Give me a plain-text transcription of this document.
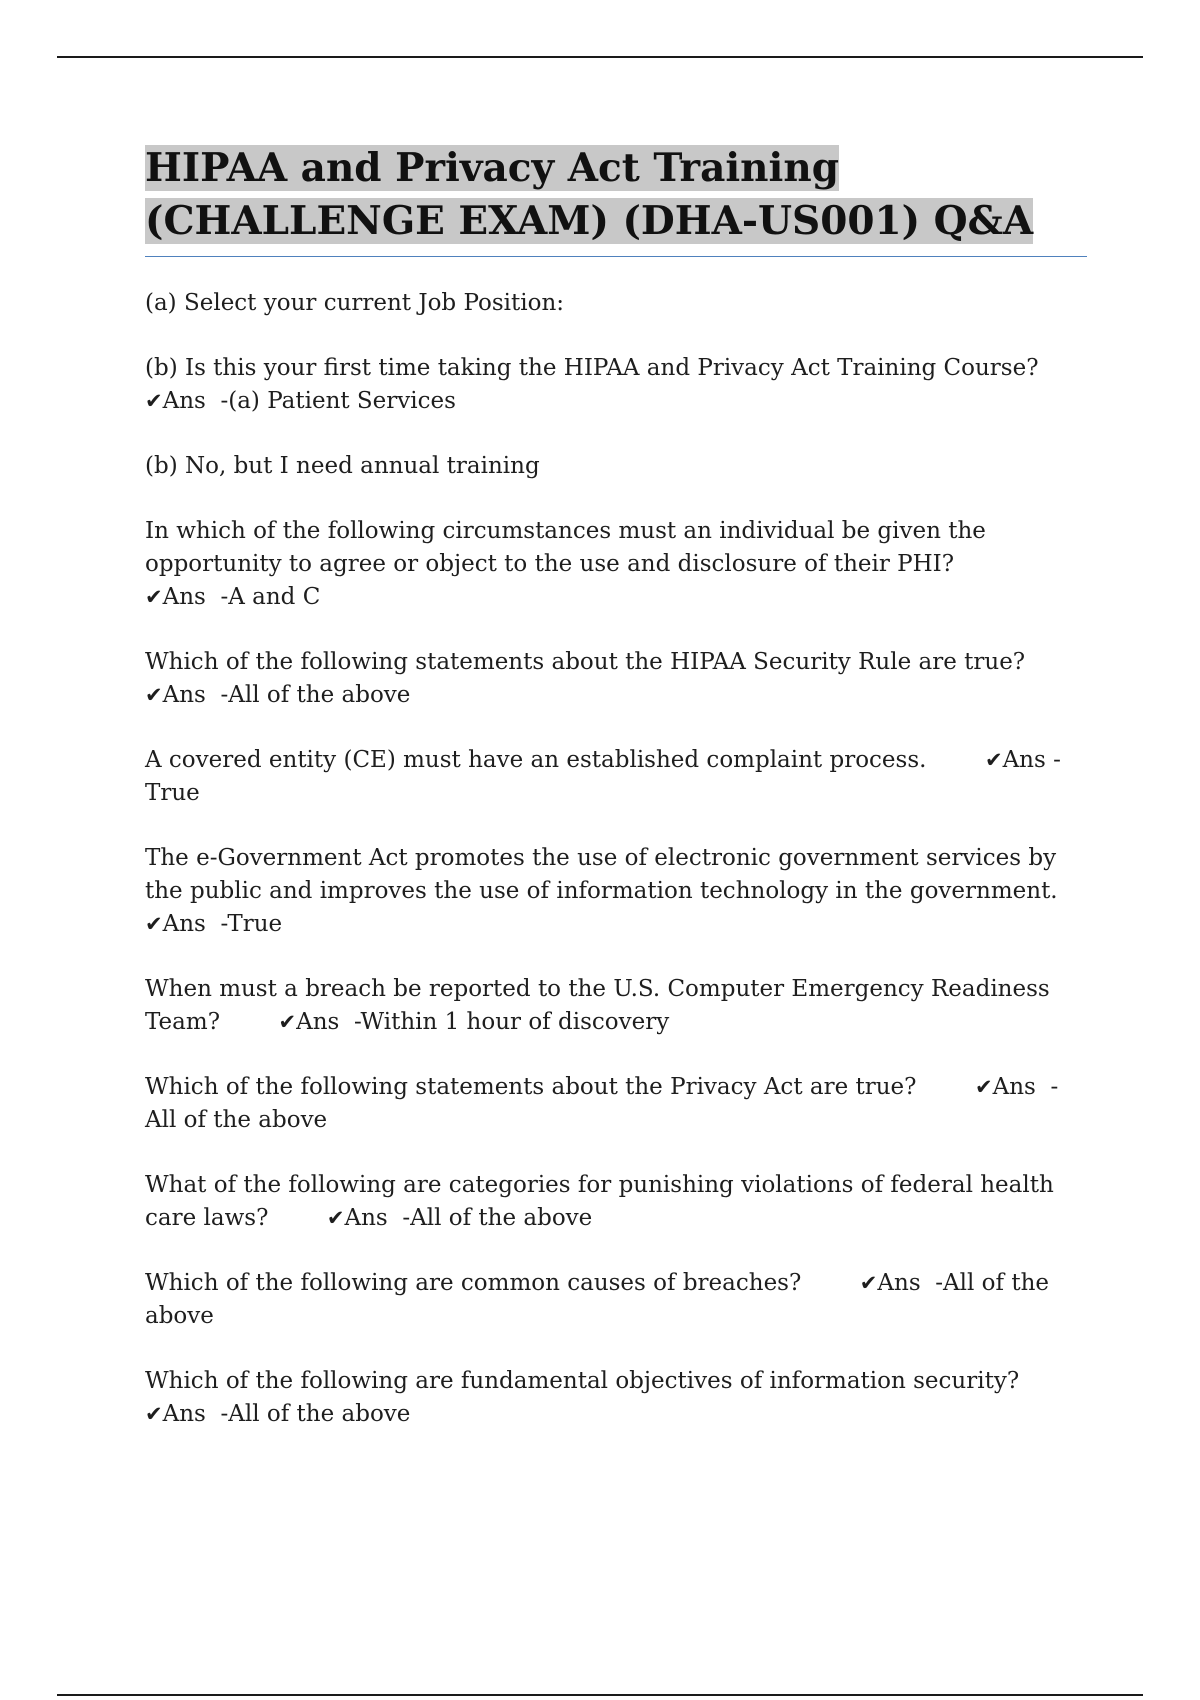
HIPAA and Privacy Act Training (CHALLENGE EXAM) (DHA-US001) Q&A

(a) Select your current Job Position:

(b) Is this your first time taking the HIPAA and Privacy Act Training Course?
✔Ans  -(a) Patient Services

(b) No, but I need annual training

In which of the following circumstances must an individual be given the opportunity to agree or object to the use and disclosure of their PHI?
✔Ans  -A and C

Which of the following statements about the HIPAA Security Rule are true?
✔Ans  -All of the above

A covered entity (CE) must have an established complaint process.        ✔Ans -True

The e-Government Act promotes the use of electronic government services by the public and improves the use of information technology in the government.
✔Ans  -True

When must a breach be reported to the U.S. Computer Emergency Readiness Team?        ✔Ans  -Within 1 hour of discovery

Which of the following statements about the Privacy Act are true?        ✔Ans  - All of the above

What of the following are categories for punishing violations of federal health care laws?        ✔Ans  -All of the above

Which of the following are common causes of breaches?        ✔Ans  -All of the above

Which of the following are fundamental objectives of information security?
✔Ans  -All of the above
